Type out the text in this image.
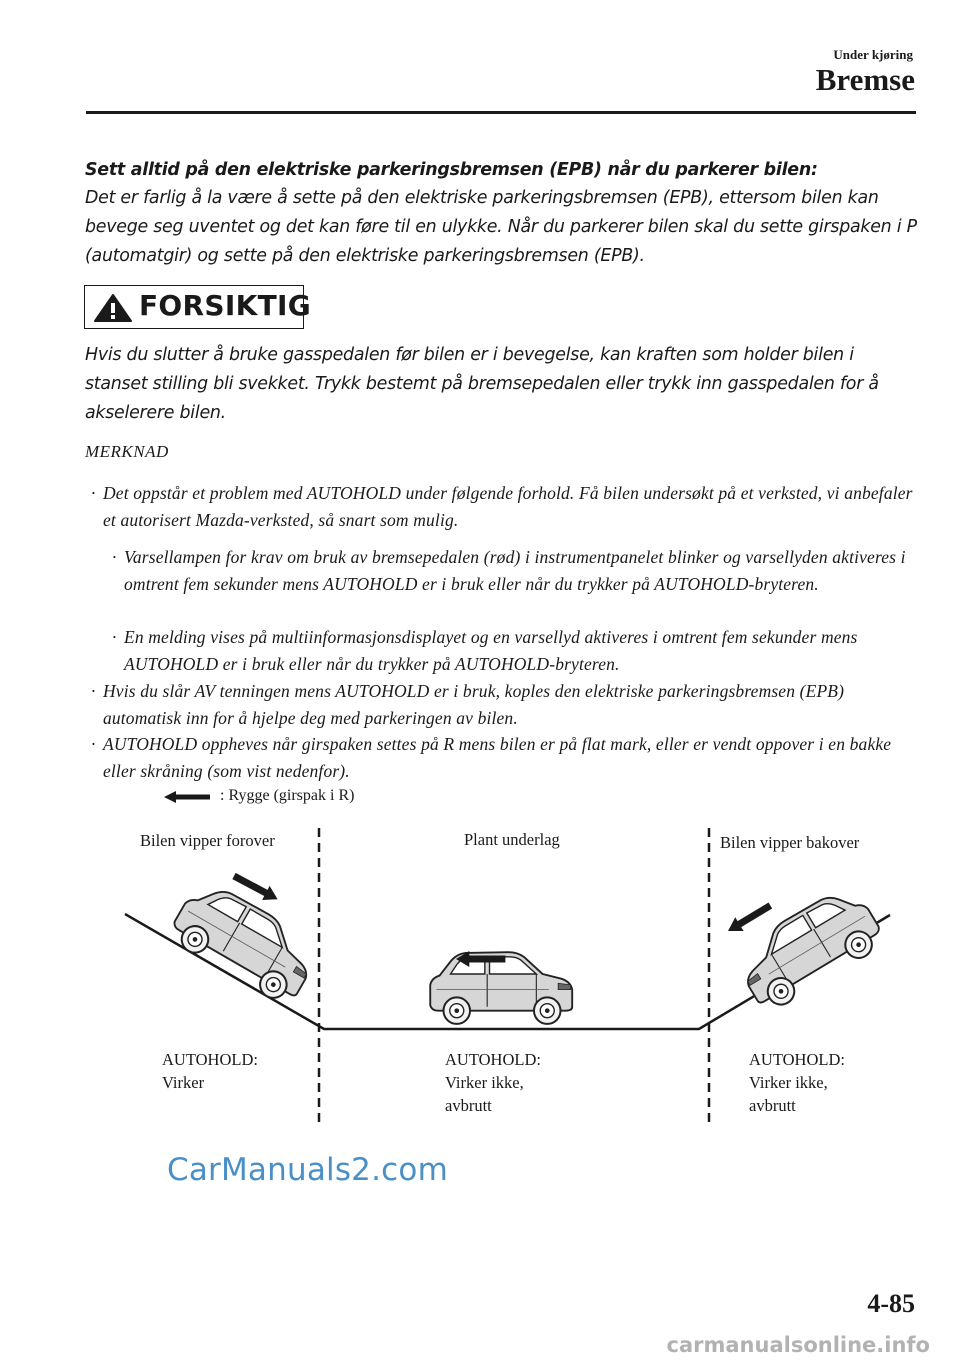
Under kjøring
Bremse
Sett alltid på den elektriske parkeringsbremsen (EPB) når du parkerer bilen:
Det er farlig å la være å sette på den elektriske parkeringsbremsen (EPB), ettersom bilen kan bevege seg uventet og det kan føre til en ulykke. Når du parkerer bilen skal du sette girspaken i P (automatgir) og sette på den elektriske parkeringsbremsen (EPB).
FORSIKTIG
Hvis du slutter å bruke gasspedalen før bilen er i bevegelse, kan kraften som holder bilen i stanset stilling bli svekket. Trykk bestemt på bremsepedalen eller trykk inn gasspedalen for å akselerere bilen.
MERKNAD
· Det oppstår et problem med AUTOHOLD under følgende forhold. Få bilen undersøkt på et verksted, vi anbefaler et autorisert Mazda-verksted, så snart som mulig.
· Varsellampen for krav om bruk av bremsepedalen (rød) i instrumentpanelet blinker og varsellyden aktiveres i omtrent fem sekunder mens AUTOHOLD er i bruk eller når du trykker på AUTOHOLD-bryteren.
· En melding vises på multiinformasjonsdisplayet og en varsellyd aktiveres i omtrent fem sekunder mens AUTOHOLD er i bruk eller når du trykker på AUTOHOLD-bryteren.
· Hvis du slår AV tenningen mens AUTOHOLD er i bruk, koples den elektriske parkeringsbremsen (EPB) automatisk inn for å hjelpe deg med parkeringen av bilen.
· AUTOHOLD oppheves når girspaken settes på R mens bilen er på flat mark, eller er vendt oppover i en bakke eller skråning (som vist nedenfor).
: Rygge (girspak i R)
Bilen vipper forover	Plant underlag	Bilen vipper bakover
AUTOHOLD:
Virker
AUTOHOLD:
Virker ikke,
avbrutt
AUTOHOLD:
Virker ikke,
avbrutt
CarManuals2.com
4-85
carmanualsonline.info
